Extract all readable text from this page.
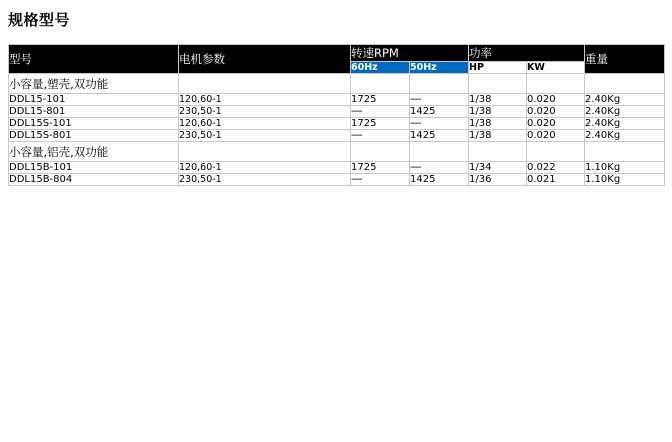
规格型号
型号	电机参数	转速RPM		功率		重量
		60Hz	50Hz	HP	KW	
小容量,塑壳,双功能						
DDL15-101	120,60-1	1725	----	1/38	0.020	2.40Kg
DDL15-801	230,50-1	----	1425	1/38	0.020	2.40Kg
DDL15S-101	120,60-1	1725	----	1/38	0.020	2.40Kg
DDL15S-801	230,50-1	----	1425	1/38	0.020	2.40Kg
小容量,铝壳,双功能						
DDL15B-101	120,60-1	1725	----	1/34	0.022	1.10Kg
DDL15B-804	230,50-1	----	1425	1/36	0.021	1.10Kg
